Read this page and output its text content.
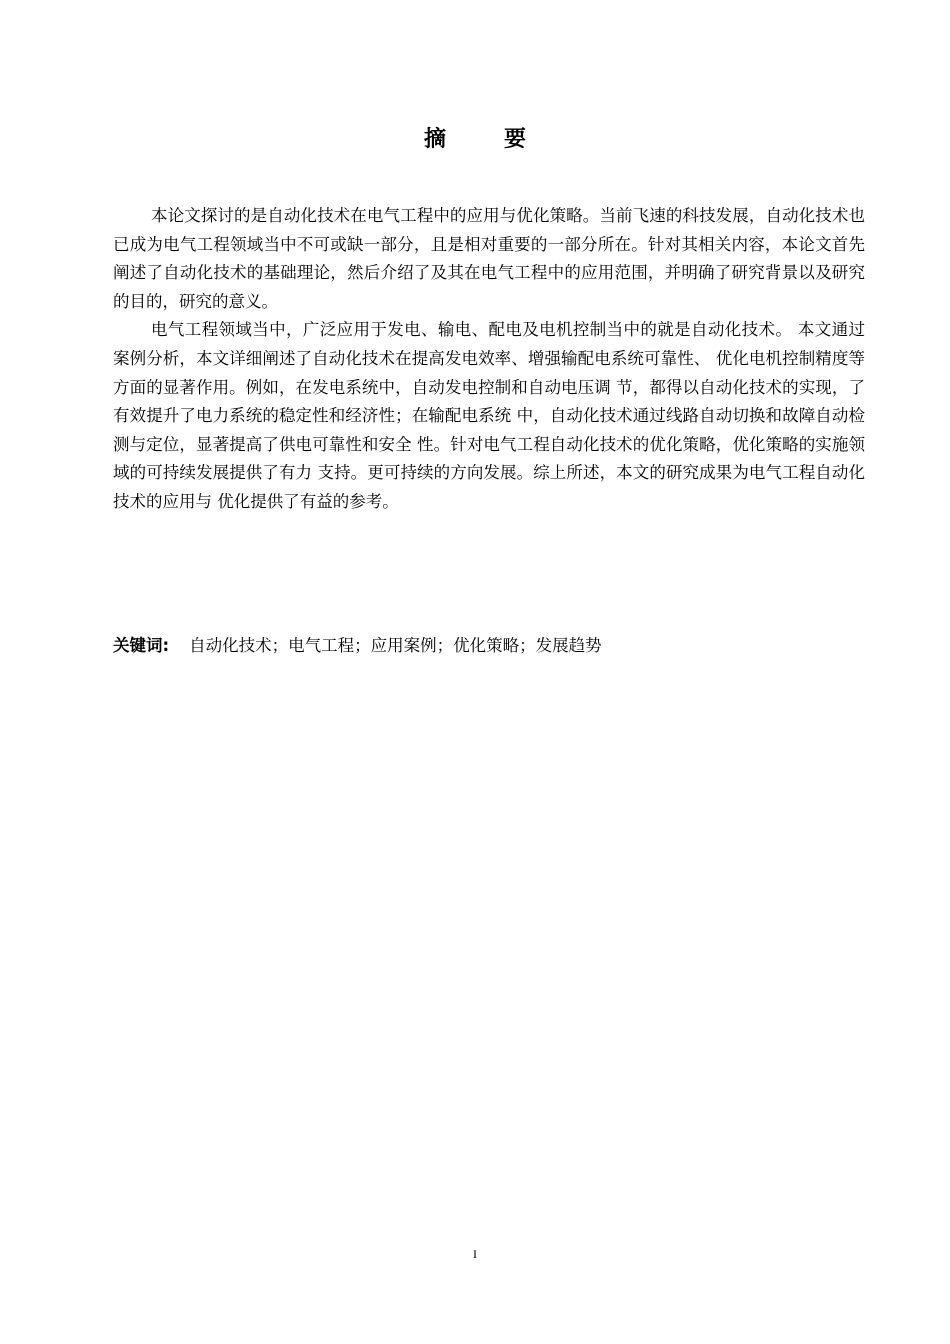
摘　要

本论文探讨的是自动化技术在电气工程中的应用与优化策略。当前飞速的科技发展，自动化技术也已成为电气工程领域当中不可或缺一部分，且是相对重要的一部分所在。针对其相关内容，本论文首先阐述了自动化技术的基础理论，然后介绍了及其在电气工程中的应用范围，并明确了研究背景以及研究的目的，研究的意义。

电气工程领域当中，广泛应用于发电、输电、配电及电机控制当中的就是自动化技术。 本文通过案例分析，本文详细阐述了自动化技术在提高发电效率、增强输配电系统可靠性、 优化电机控制精度等方面的显著作用。例如，在发电系统中，自动发电控制和自动电压调 节，都得以自动化技术的实现，了有效提升了电力系统的稳定性和经济性；在输配电系统 中，自动化技术通过线路自动切换和故障自动检测与定位，显著提高了供电可靠性和安全 性。针对电气工程自动化技术的优化策略，优化策略的实施领域的可持续发展提供了有力 支持。更可持续的方向发展。综上所述，本文的研究成果为电气工程自动化技术的应用与 优化提供了有益的参考。

关键词: 自动化技术；电气工程；应用案例；优化策略；发展趋势
I
